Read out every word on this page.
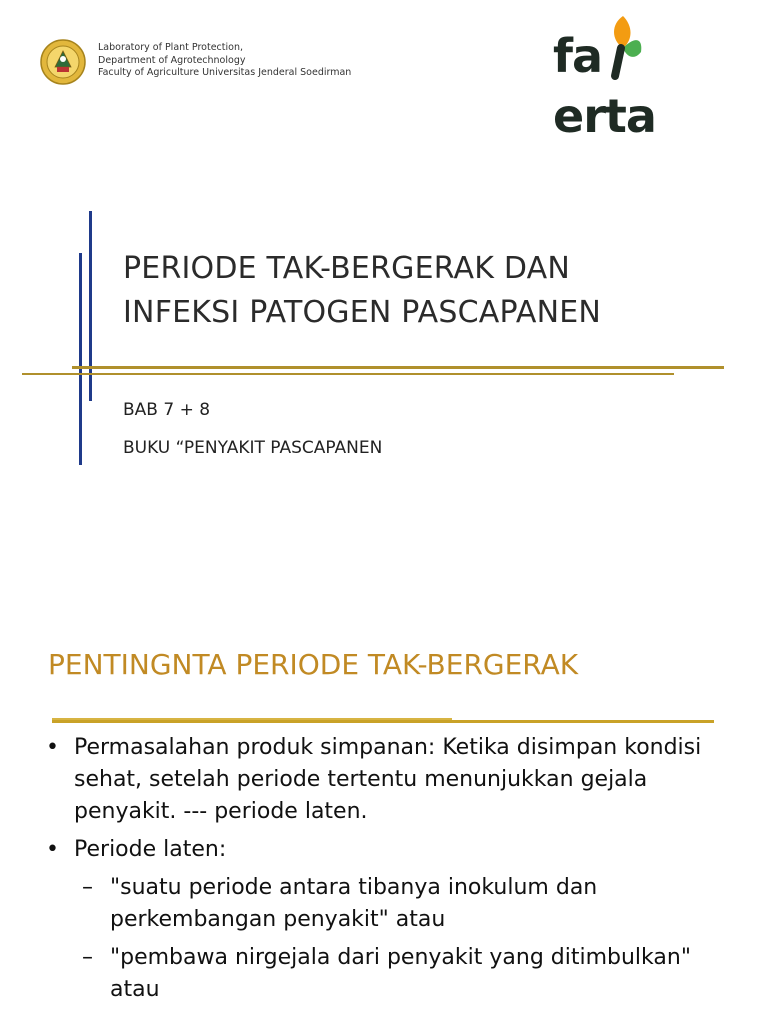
Laboratory of Plant Protection,
Department of Agrotechnology
Faculty of Agriculture Universitas Jenderal Soedirman	faerta
PERIODE TAK-BERGERAK DAN
INFEKSI PATOGEN PASCAPANEN
BAB 7 + 8
BUKU “PENYAKIT PASCAPANEN
PENTINGNTA PERIODE TAK-BERGERAK
• Permasalahan produk simpanan: Ketika disimpan kondisi sehat, setelah periode tertentu menunjukkan gejala penyakit. --- periode laten.
• Periode laten:
– "suatu periode antara tibanya inokulum dan perkembangan penyakit" atau
– "pembawa nirgejala dari penyakit yang ditimbulkan" atau
